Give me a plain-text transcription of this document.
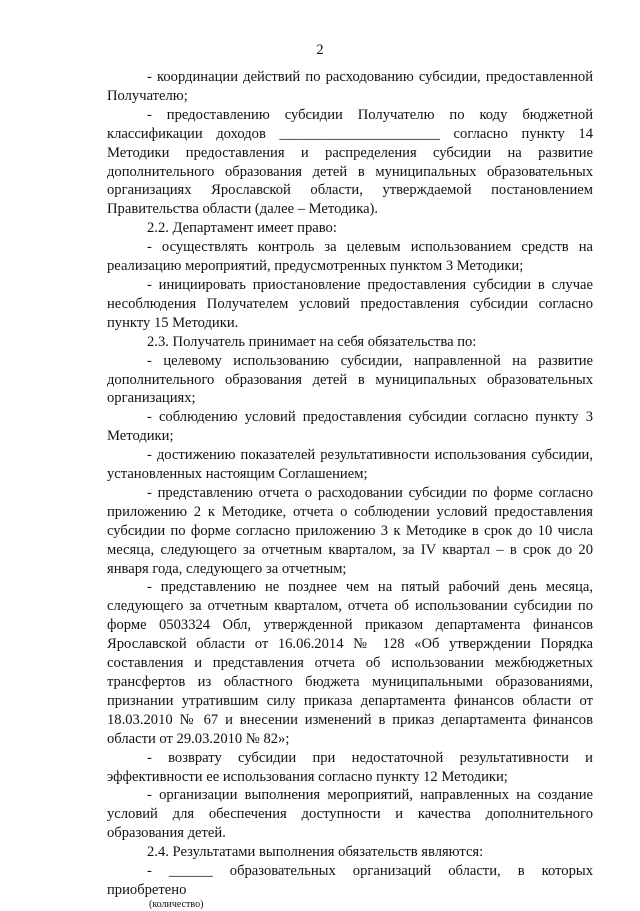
2

- координации действий по расходованию субсидии, предоставленной Получателю;

- предоставлению субсидии Получателю по коду бюджетной классификации доходов ______________________ согласно пункту 14 Методики предоставления и распределения субсидии на развитие дополнительного образования детей в муниципальных образовательных организациях Ярославской области, утверждаемой постановлением Правительства области (далее – Методика).

2.2. Департамент имеет право:

- осуществлять контроль за целевым использованием средств на реализацию мероприятий, предусмотренных пунктом 3 Методики;

- инициировать приостановление предоставления субсидии в случае несоблюдения Получателем условий предоставления субсидии согласно пункту 15 Методики.

2.3. Получатель принимает на себя обязательства по:

- целевому использованию субсидии, направленной на развитие дополнительного образования детей в муниципальных образовательных организациях;

- соблюдению условий предоставления субсидии согласно пункту 3 Методики;

- достижению показателей результативности использования субсидии, установленных настоящим Соглашением;

- представлению отчета о расходовании субсидии по форме согласно приложению 2 к Методике, отчета о соблюдении условий предоставления субсидии по форме согласно приложению 3 к Методике в срок до 10 числа месяца, следующего за отчетным кварталом, за IV квартал – в срок до 20 января года, следующего за отчетным;

- представлению не позднее чем на пятый рабочий день месяца, следующего за отчетным кварталом, отчета об использовании субсидии по форме 0503324 Обл, утвержденной приказом департамента финансов Ярославской области от 16.06.2014 № 128 «Об утверждении Порядка составления и представления отчета об использовании межбюджетных трансфертов из областного бюджета муниципальными образованиями, признании утратившим силу приказа департамента финансов области от 18.03.2010 № 67 и внесении изменений в приказ департамента финансов области от 29.03.2010 № 82»;

- возврату субсидии при недостаточной результативности и эффективности ее использования согласно пункту 12 Методики;

- организации выполнения мероприятий, направленных на создание условий для обеспечения доступности и качества дополнительного образования детей.

2.4. Результатами выполнения обязательств являются:

- ______ образовательных организаций области, в которых приобретено

(количество)
